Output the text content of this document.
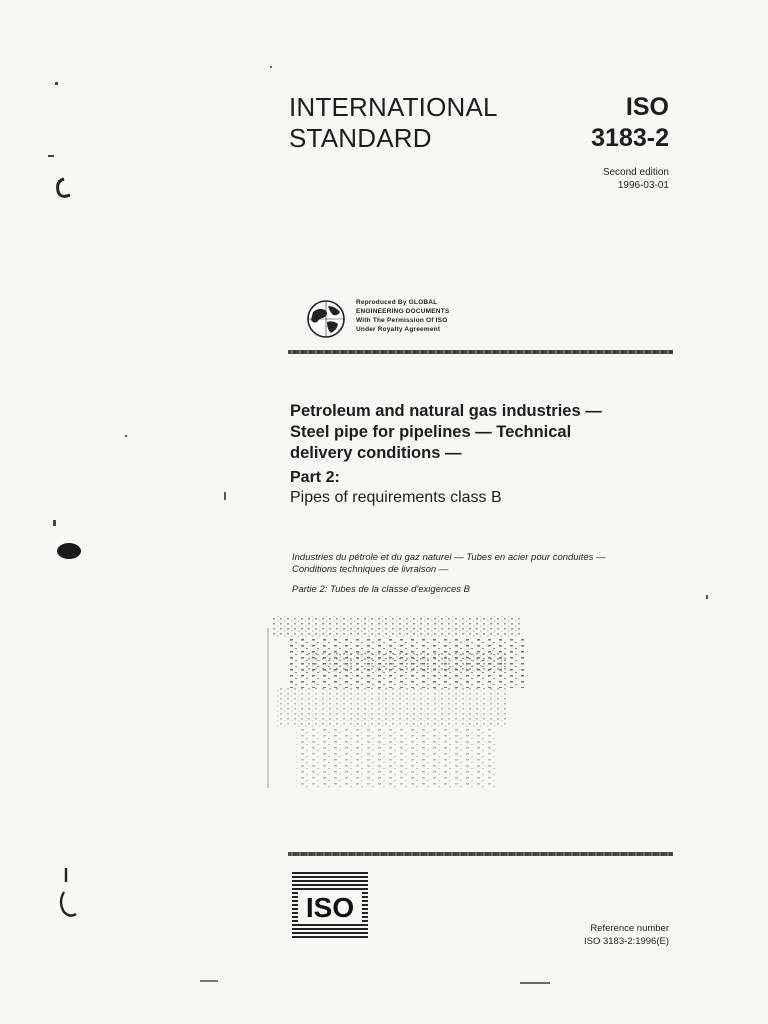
INTERNATIONAL
STANDARD
ISO
3183-2
Second edition
1996-03-01
Reproduced By GLOBAL
ENGINEERING DOCUMENTS
With The Permission Of ISO
Under Royalty Agreement
Petroleum and natural gas industries —
Steel pipe for pipelines — Technical
delivery conditions —
Part 2:
Pipes of requirements class B
Industries du pétrole et du gaz naturel — Tubes en acier pour conduites —
Conditions techniques de livraison —
Partie 2: Tubes de la classe d'exigences B
ISO
Reference number
ISO 3183-2:1996(E)
